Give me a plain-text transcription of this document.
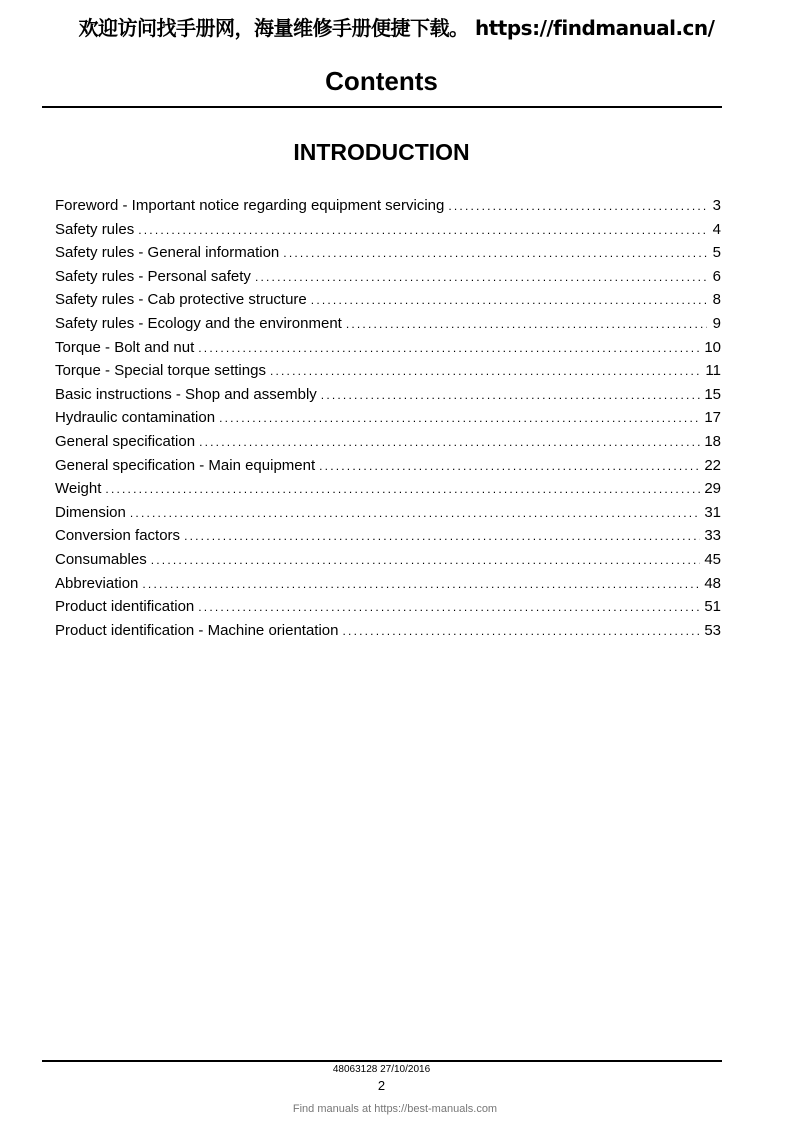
欢迎访问找手册网，海量维修手册便捷下载。 https://findmanual.cn/
Contents
INTRODUCTION
Foreword - Important notice regarding equipment servicing .....	3
Safety rules .....	4
Safety rules - General information .....	5
Safety rules - Personal safety .....	6
Safety rules - Cab protective structure .....	8
Safety rules - Ecology and the environment .....	9
Torque - Bolt and nut .....	10
Torque - Special torque settings .....	11
Basic instructions - Shop and assembly .....	15
Hydraulic contamination .....	17
General specification .....	18
General specification - Main equipment .....	22
Weight .....	29
Dimension .....	31
Conversion factors .....	33
Consumables .....	45
Abbreviation .....	48
Product identification .....	51
Product identification - Machine orientation .....	53
48063128 27/10/2016
2
Find manuals at https://best-manuals.com
